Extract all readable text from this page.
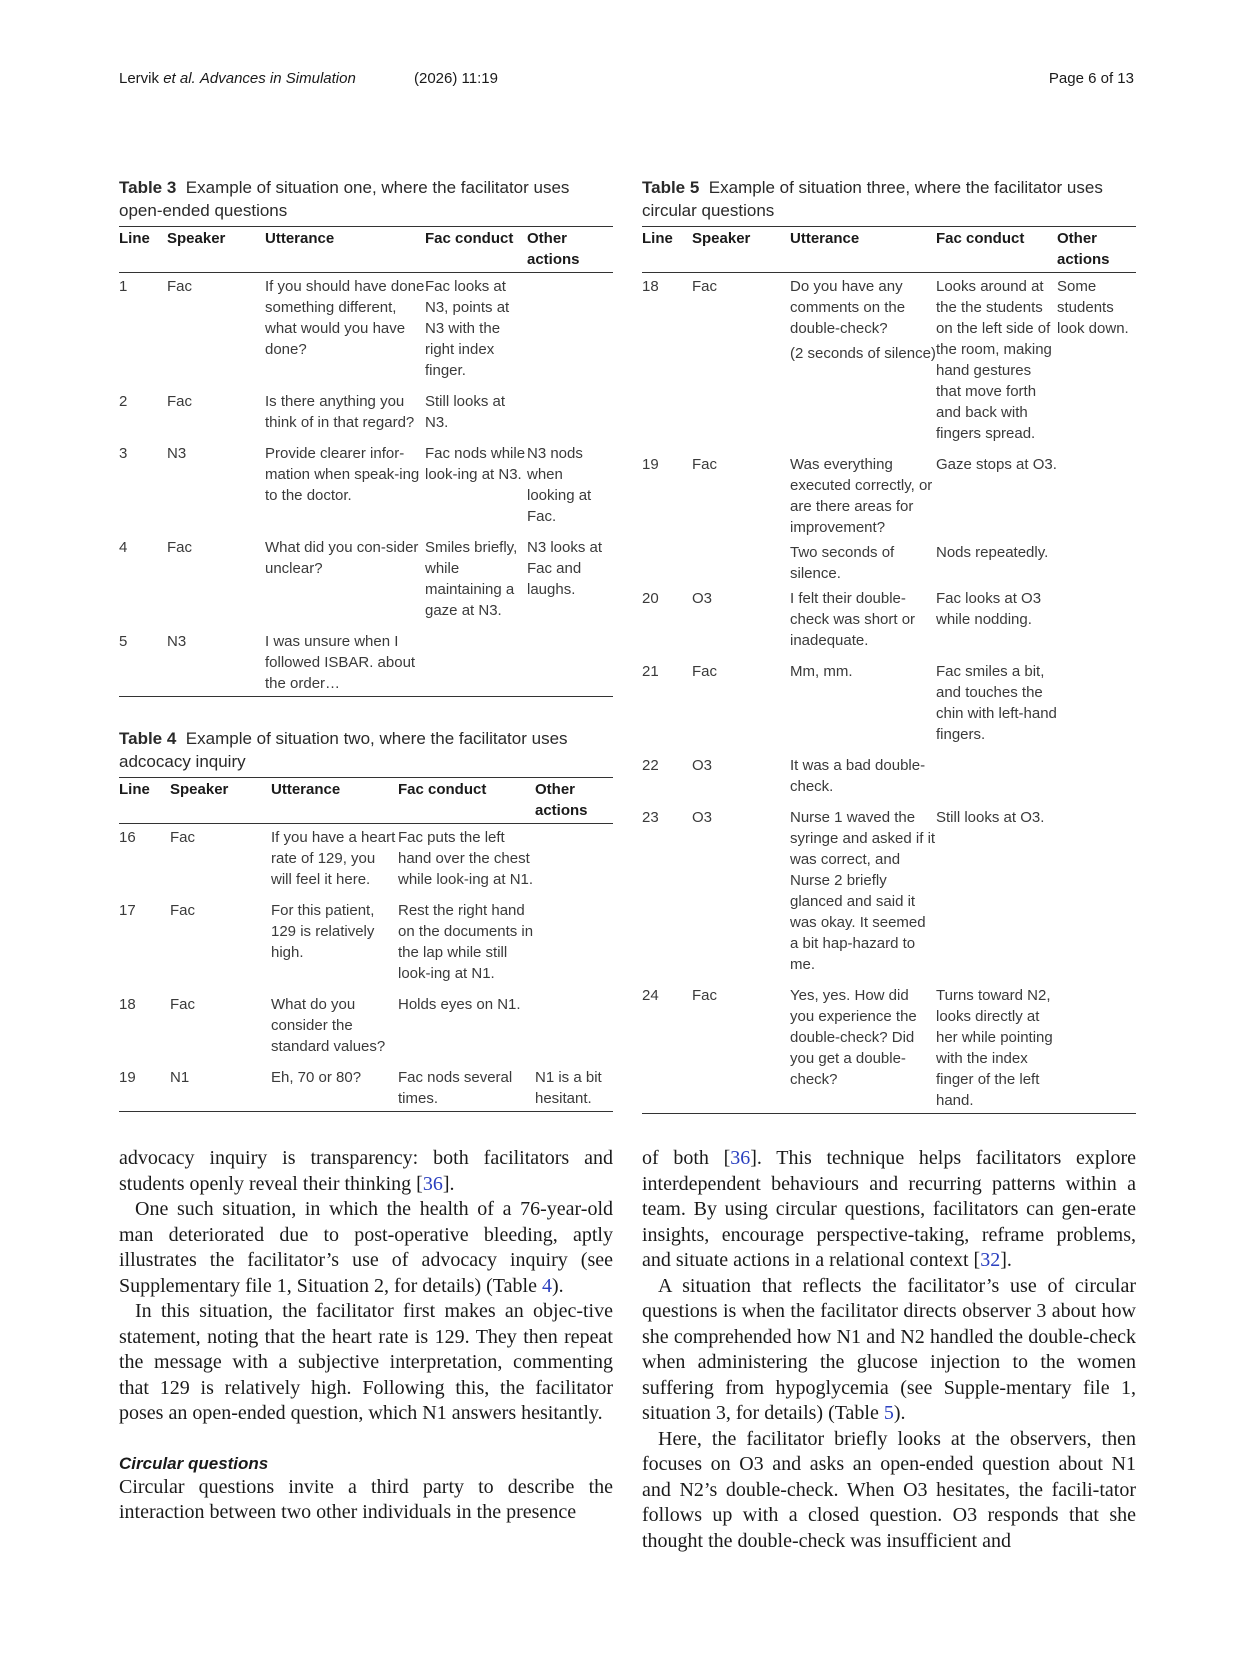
Lervik et al. Advances in Simulation	(2026) 11:19	Page 6 of 13
Table 3 Example of situation one, where the facilitator uses open-ended questions
Line	Speaker	Utterance	Fac conduct	Other actions
1	Fac	If you should have done something different, what would you have done?	Fac looks at N3, points at N3 with the right index finger.	
2	Fac	Is there anything you think of in that regard?	Still looks at N3.	
3	N3	Provide clearer infor-mation when speak-ing to the doctor.	Fac nods while look-ing at N3.	N3 nods when looking at Fac.
4	Fac	What did you con-sider unclear?	Smiles briefly, while maintaining a gaze at N3.	N3 looks at Fac and laughs.
5	N3	I was unsure when I followed ISBAR. about the order…		
Table 4 Example of situation two, where the facilitator uses adcocacy inquiry
Line	Speaker	Utterance	Fac conduct	Other actions
16	Fac	If you have a heart rate of 129, you will feel it here.	Fac puts the left hand over the chest while look-ing at N1.	
17	Fac	For this patient, 129 is relatively high.	Rest the right hand on the documents in the lap while still look-ing at N1.	
18	Fac	What do you consider the standard values?	Holds eyes on N1.	
19	N1	Eh, 70 or 80?	Fac nods several times.	N1 is a bit hesitant.

advocacy inquiry is transparency: both facilitators and students openly reveal their thinking [36].

One such situation, in which the health of a 76-year-old man deteriorated due to post-operative bleeding, aptly illustrates the facilitator’s use of advocacy inquiry (see Supplementary file 1, Situation 2, for details) (Table 4).

In this situation, the facilitator first makes an objec-tive statement, noting that the heart rate is 129. They then repeat the message with a subjective interpretation, commenting that 129 is relatively high. Following this, the facilitator poses an open-ended question, which N1 answers hesitantly.

Circular questions

Circular questions invite a third party to describe the interaction between two other individuals in the presence

Table 5 Example of situation three, where the facilitator uses circular questions
Line	Speaker	Utterance	Fac conduct	Other actions
18	Fac	Do you have any comments on the double-check?
(2 seconds of silence)	Looks around at the the students on the left side of the room, making hand gestures that move forth and back with fingers spread.	Some students look down.
19	Fac	Was everything executed correctly, or are there areas for improvement?	Gaze stops at O3.	
		Two seconds of silence.	Nods repeatedly.	
20	O3	I felt their double-check was short or inadequate.	Fac looks at O3 while nodding.	
21	Fac	Mm, mm.	Fac smiles a bit, and touches the chin with left-hand fingers.	
22	O3	It was a bad double-check.		
23	O3	Nurse 1 waved the syringe and asked if it was correct, and Nurse 2 briefly glanced and said it was okay. It seemed a bit hap-hazard to me.	Still looks at O3.	
24	Fac	Yes, yes. How did you experience the double-check? Did you get a double-check?	Turns toward N2, looks directly at her while pointing with the index finger of the left hand.	

of both [36]. This technique helps facilitators explore interdependent behaviours and recurring patterns within a team. By using circular questions, facilitators can gen-erate insights, encourage perspective-taking, reframe problems, and situate actions in a relational context [32].

A situation that reflects the facilitator’s use of circular questions is when the facilitator directs observer 3 about how she comprehended how N1 and N2 handled the double-check when administering the glucose injection to the women suffering from hypoglycemia (see Supple-mentary file 1, situation 3, for details) (Table 5).

Here, the facilitator briefly looks at the observers, then focuses on O3 and asks an open-ended question about N1 and N2’s double-check. When O3 hesitates, the facili-tator follows up with a closed question. O3 responds that she thought the double-check was insufficient and
